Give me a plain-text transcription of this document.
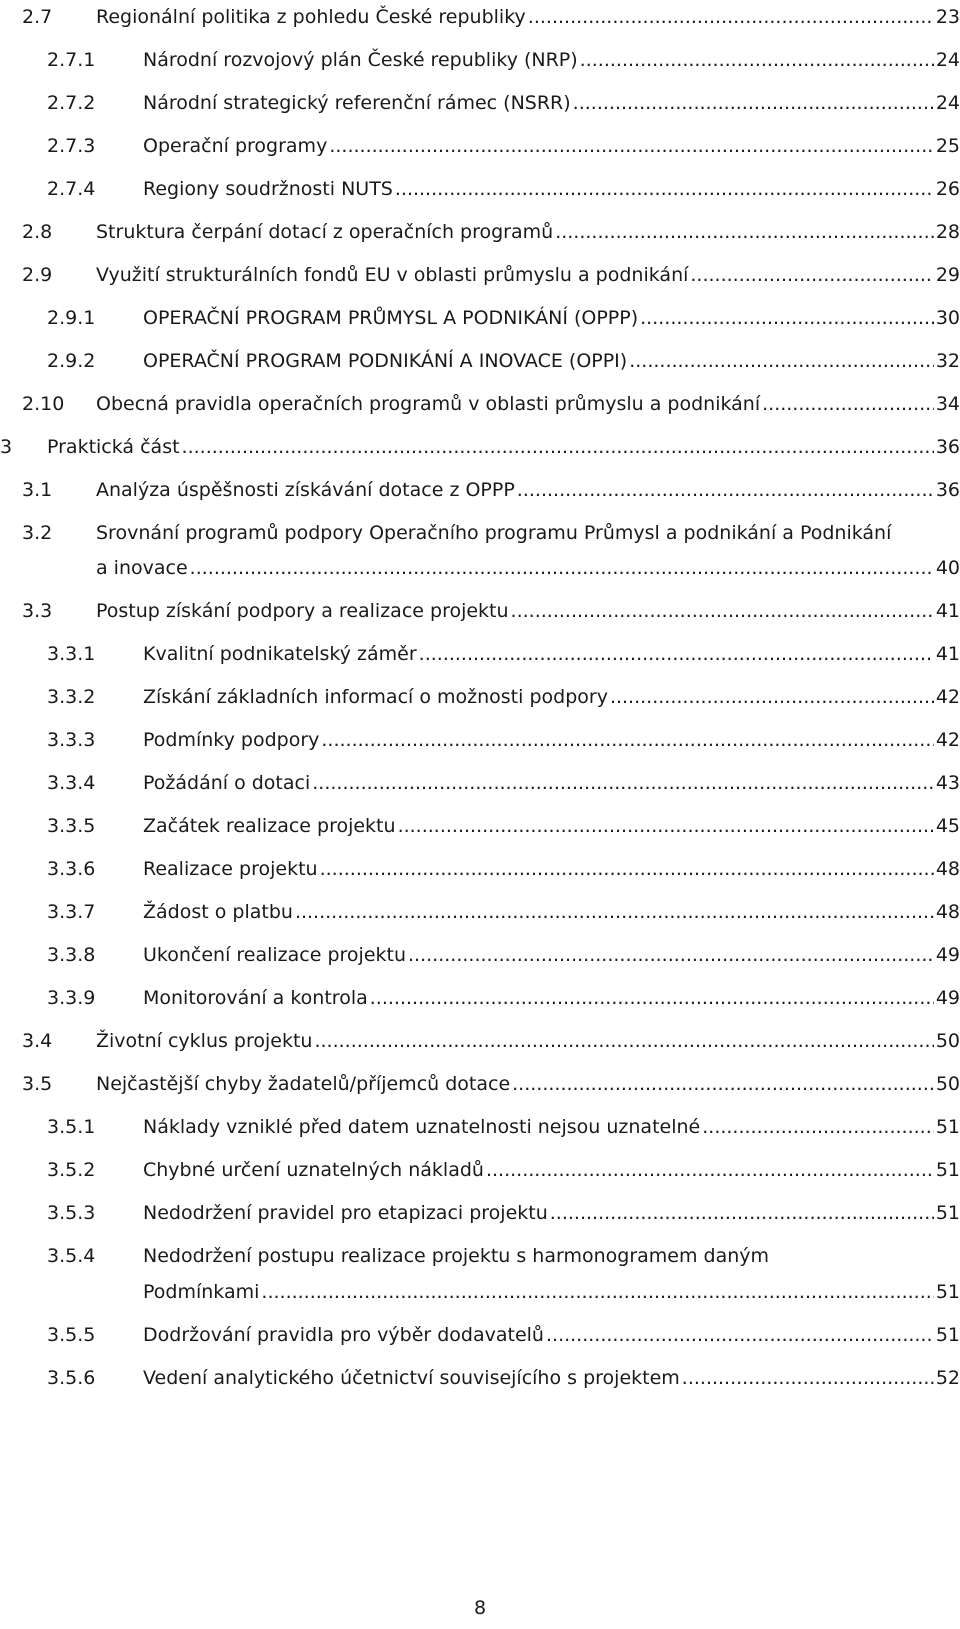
2.7 Regionální politika z pohledu České republiky .....	23
2.7.1	Národní rozvojový plán České republiky (NRP) .....	24
2.7.2	Národní strategický referenční rámec (NSRR) .....	24
2.7.3	Operační programy .....	25
2.7.4	Regiony soudržnosti NUTS .....	26
2.8 Struktura čerpání dotací z operačních programů .....	28
2.9 Využití strukturálních fondů EU v oblasti průmyslu a podnikání .....	29
2.9.1	OPERAČNÍ PROGRAM PRŮMYSL A PODNIKÁNÍ (OPPP) .....	30
2.9.2	OPERAČNÍ PROGRAM PODNIKÁNÍ A INOVACE (OPPI) .....	32
2.10 Obecná pravidla operačních programů v oblasti průmyslu a podnikání .....	34
3 Praktická část .....	36
3.1 Analýza úspěšnosti získávání dotace z OPPP .....	36
3.2 Srovnání programů podpory Operačního programu Průmysl a podnikání a Podnikání
a inovace .....	40
3.3 Postup získání podpory a realizace projektu .....	41
3.3.1	Kvalitní podnikatelský záměr .....	41
3.3.2	Získání základních informací o možnosti podpory .....	42
3.3.3	Podmínky podpory .....	42
3.3.4	Požádání o dotaci .....	43
3.3.5	Začátek realizace projektu .....	45
3.3.6	Realizace projektu .....	48
3.3.7	Žádost o platbu .....	48
3.3.8	Ukončení realizace projektu .....	49
3.3.9	Monitorování a kontrola .....	49
3.4 Životní cyklus projektu .....	50
3.5 Nejčastější chyby žadatelů/příjemců dotace .....	50
3.5.1	Náklady vzniklé před datem uznatelnosti nejsou uznatelné .....	51
3.5.2	Chybné určení uznatelných nákladů .....	51
3.5.3	Nedodržení pravidel pro etapizaci projektu .....	51
3.5.4	Nedodržení postupu realizace projektu s harmonogramem daným
Podmínkami .....	51
3.5.5	Dodržování pravidla pro výběr dodavatelů .....	51
3.5.6	Vedení analytického účetnictví souvisejícího s projektem .....	52
8
